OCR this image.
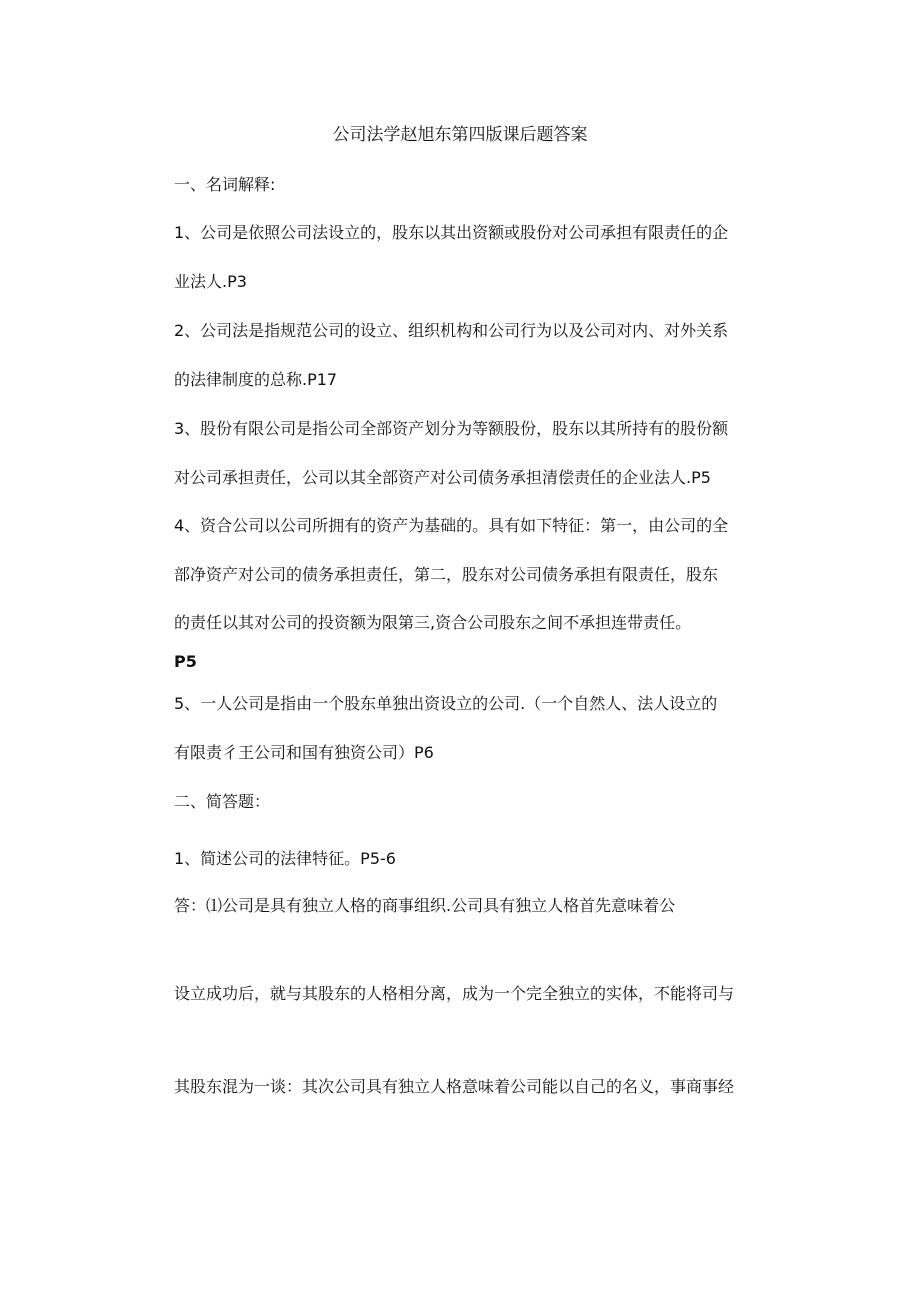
公司法学赵旭东第四版课后题答案
一、名词解释:
1、公司是依照公司法设立的，股东以其出资额或股份对公司承担有限责任的企
业法人.P3
2、公司法是指规范公司的设立、组织机构和公司行为以及公司对内、对外关系
的法律制度的总称.P17
3、股份有限公司是指公司全部资产划分为等额股份，股东以其所持有的股份额
对公司承担责任，公司以其全部资产对公司债务承担清偿责任的企业法人.P5
4、资合公司以公司所拥有的资产为基础的。具有如下特征：第一，由公司的全
部净资产对公司的债务承担责任，第二，股东对公司债务承担有限责任，股东
的责任以其对公司的投资额为限第三,资合公司股东之间不承担连带责任。
P5
5、一人公司是指由一个股东单独出资设立的公司.（一个自然人、法人设立的
有限责彳王公司和国有独资公司）P6
二、简答题：
1、简述公司的法律特征。P5-6
答：⑴公司是具有独立人格的商事组织.公司具有独立人格首先意味着公
设立成功后，就与其股东的人格相分离，成为一个完全独立的实体，不能将司与
其股东混为一谈：其次公司具有独立人格意味着公司能以自己的名义，事商事经
